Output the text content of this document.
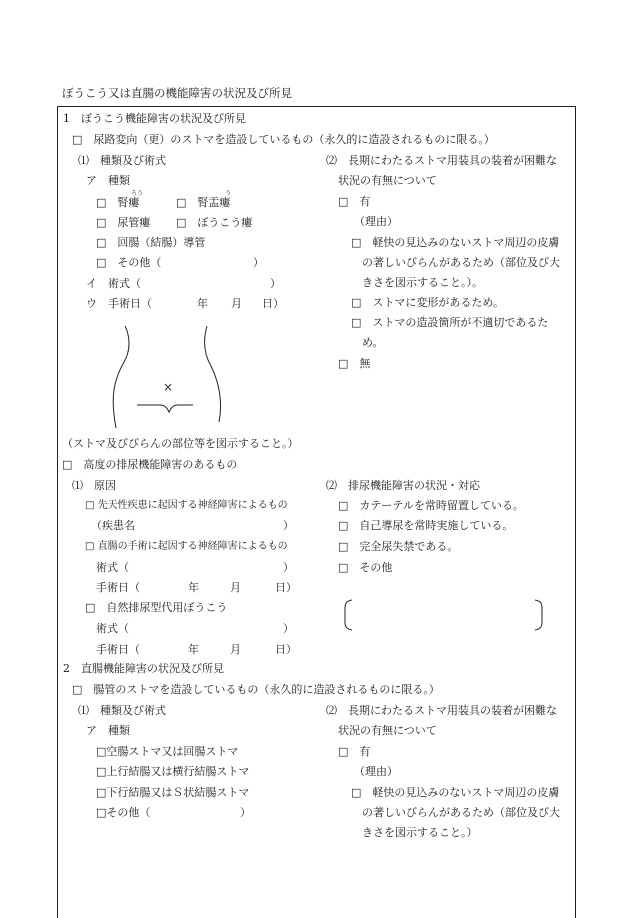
ぼうこう又は直腸の機能障害の状況及び所見
1　ぼうこう機能障害の状況及び所見
□　尿路変向（更）のストマを造設しているもの（永久的に造設されるものに限る。）
⑴　種類及び術式
ア　種類
ろう	う
□　腎瘻	□　腎盂瘻
□　尿管瘻 □　ぼうこう瘻
□　回腸（結腸）導管
□　その他（	）
イ　術式（	）
ウ　手術日（	年 月 日）
×
⑵　長期にわたるストマ用装具の装着が困難な
状況の有無について
□　有
（理由）
□　軽快の見込みのないストマ周辺の皮膚
の著しいびらんがあるため（部位及び大
きさを図示すること。）。
□　ストマに変形があるため。
□　ストマの造設箇所が不適切であるた
め。
□　無
（ストマ及びびらんの部位等を図示すること。）
□　高度の排尿機能障害のあるもの
⑴　原因
□ 先天性疾患に起因する神経障害によるもの
（疾患名	）
□ 直腸の手術に起因する神経障害によるもの
術式（	）
手術日（	年	月	日）
□　自然排尿型代用ぼうこう
術式（	）
手術日（	年	月	日）
⑵　排尿機能障害の状況・対応
□　カテーテルを常時留置している。
□　自己導尿を常時実施している。
□　完全尿失禁である。
□　その他
2　直腸機能障害の状況及び所見
□　腸管のストマを造設しているもの（永久的に造設されるものに限る。）
⑴　種類及び術式
ア　種類
□空腸ストマ又は回腸ストマ
□上行結腸又は横行結腸ストマ
□下行結腸又はＳ状結腸ストマ
□その他（	）
⑵　長期にわたるストマ用装具の装着が困難な
状況の有無について
□　有
（理由）
□　軽快の見込みのないストマ周辺の皮膚
の著しいびらんがあるため（部位及び大
きさを図示すること。）
